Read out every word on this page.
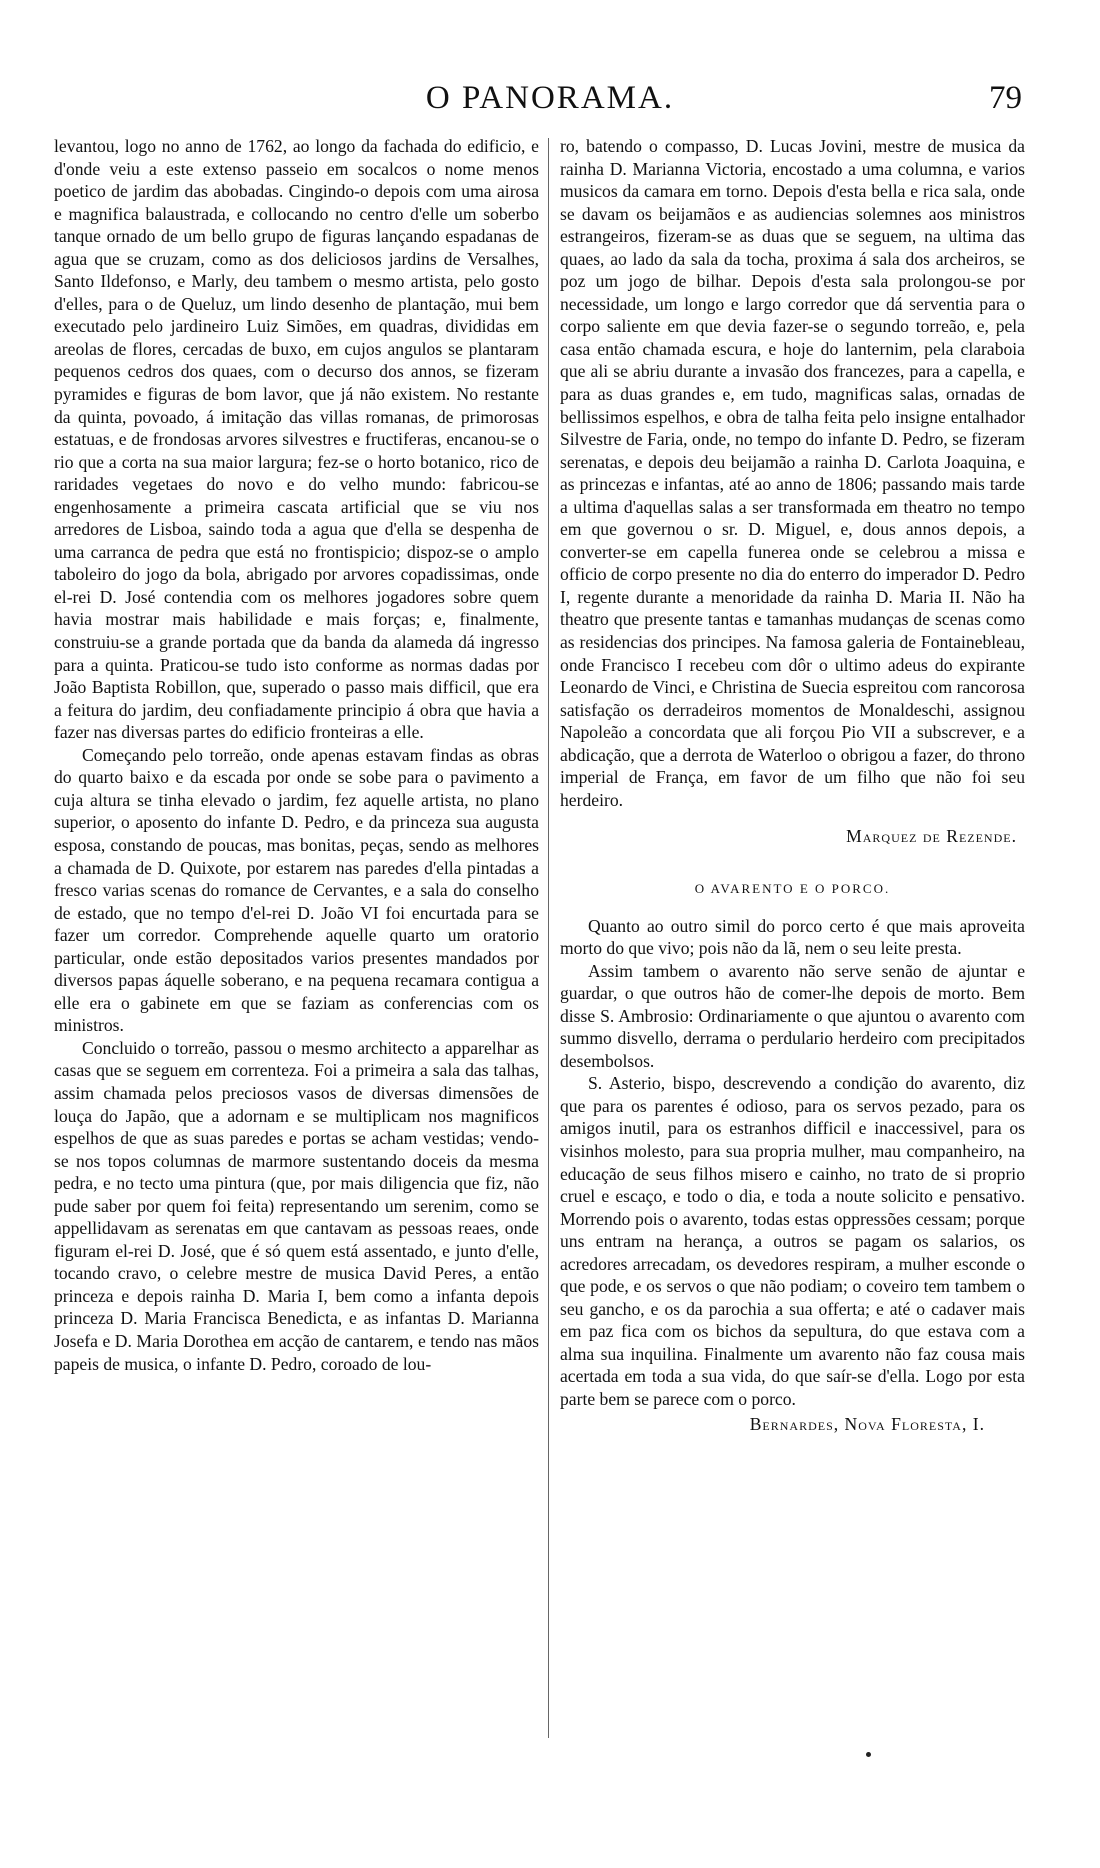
O PANORAMA.	79

levantou, logo no anno de 1762, ao longo da fachada do edificio, e d'onde veiu a este extenso passeio em socalcos o nome menos poetico de jardim das abobadas. Cingindo-o depois com uma airosa e magnifica balaustrada, e collocando no centro d'elle um soberbo tanque ornado de um bello grupo de figuras lançando espadanas de agua que se cruzam, como as dos deliciosos jardins de Versalhes, Santo Ildefonso, e Marly, deu tambem o mesmo artista, pelo gosto d'elles, para o de Queluz, um lindo desenho de plantação, mui bem executado pelo jardineiro Luiz Simões, em quadras, divididas em areolas de flores, cercadas de buxo, em cujos angulos se plantaram pequenos cedros dos quaes, com o decurso dos annos, se fizeram pyramides e figuras de bom lavor, que já não existem. No restante da quinta, povoado, á imitação das villas romanas, de primorosas estatuas, e de frondosas arvores silvestres e fructiferas, encanou-se o rio que a corta na sua maior largura; fez-se o horto botanico, rico de raridades vegetaes do novo e do velho mundo: fabricou-se engenhosamente a primeira cascata artificial que se viu nos arredores de Lisboa, saindo toda a agua que d'ella se despenha de uma carranca de pedra que está no frontispicio; dispoz-se o amplo taboleiro do jogo da bola, abrigado por arvores copadissimas, onde el-rei D. José contendia com os melhores jogadores sobre quem havia mostrar mais habilidade e mais forças; e, finalmente, construiu-se a grande portada que da banda da alameda dá ingresso para a quinta. Praticou-se tudo isto conforme as normas dadas por João Baptista Robillon, que, superado o passo mais difficil, que era a feitura do jardim, deu confiadamente principio á obra que havia a fazer nas diversas partes do edificio fronteiras a elle.

Começando pelo torreão, onde apenas estavam findas as obras do quarto baixo e da escada por onde se sobe para o pavimento a cuja altura se tinha elevado o jardim, fez aquelle artista, no plano superior, o aposento do infante D. Pedro, e da princeza sua augusta esposa, constando de poucas, mas bonitas, peças, sendo as melhores a chamada de D. Quixote, por estarem nas paredes d'ella pintadas a fresco varias scenas do romance de Cervantes, e a sala do conselho de estado, que no tempo d'el-rei D. João VI foi encurtada para se fazer um corredor. Comprehende aquelle quarto um oratorio particular, onde estão depositados varios presentes mandados por diversos papas áquelle soberano, e na pequena recamara contigua a elle era o gabinete em que se faziam as conferencias com os ministros.

Concluido o torreão, passou o mesmo architecto a apparelhar as casas que se seguem em correnteza. Foi a primeira a sala das talhas, assim chamada pelos preciosos vasos de diversas dimensões de louça do Japão, que a adornam e se multiplicam nos magnificos espelhos de que as suas paredes e portas se acham vestidas; vendo-se nos topos columnas de marmore sustentando doceis da mesma pedra, e no tecto uma pintura (que, por mais diligencia que fiz, não pude saber por quem foi feita) representando um serenim, como se appellidavam as serenatas em que cantavam as pessoas reaes, onde figuram el-rei D. José, que é só quem está assentado, e junto d'elle, tocando cravo, o celebre mestre de musica David Peres, a então princeza e depois rainha D. Maria I, bem como a infanta depois princeza D. Maria Francisca Benedicta, e as infantas D. Marianna Josefa e D. Maria Dorothea em acção de cantarem, e tendo nas mãos papeis de musica, o infante D. Pedro, coroado de lou-

ro, batendo o compasso, D. Lucas Jovini, mestre de musica da rainha D. Marianna Victoria, encostado a uma columna, e varios musicos da camara em torno. Depois d'esta bella e rica sala, onde se davam os beijamãos e as audiencias solemnes aos ministros estrangeiros, fizeram-se as duas que se seguem, na ultima das quaes, ao lado da sala da tocha, proxima á sala dos archeiros, se poz um jogo de bilhar. Depois d'esta sala prolongou-se por necessidade, um longo e largo corredor que dá serventia para o corpo saliente em que devia fazer-se o segundo torreão, e, pela casa então chamada escura, e hoje do lanternim, pela claraboia que ali se abriu durante a invasão dos francezes, para a capella, e para as duas grandes e, em tudo, magnificas salas, ornadas de bellissimos espelhos, e obra de talha feita pelo insigne entalhador Silvestre de Faria, onde, no tempo do infante D. Pedro, se fizeram serenatas, e depois deu beijamão a rainha D. Carlota Joaquina, e as princezas e infantas, até ao anno de 1806; passando mais tarde a ultima d'aquellas salas a ser transformada em theatro no tempo em que governou o sr. D. Miguel, e, dous annos depois, a converter-se em capella funerea onde se celebrou a missa e officio de corpo presente no dia do enterro do imperador D. Pedro I, regente durante a menoridade da rainha D. Maria II. Não ha theatro que presente tantas e tamanhas mudanças de scenas como as residencias dos principes. Na famosa galeria de Fontainebleau, onde Francisco I recebeu com dôr o ultimo adeus do expirante Leonardo de Vinci, e Christina de Suecia espreitou com rancorosa satisfação os derradeiros momentos de Monaldeschi, assignou Napoleão a concordata que ali forçou Pio VII a subscrever, e a abdicação, que a derrota de Waterloo o obrigou a fazer, do throno imperial de França, em favor de um filho que não foi seu herdeiro.

Marquez de Rezende.
O AVARENTO E O PORCO.

Quanto ao outro simil do porco certo é que mais aproveita morto do que vivo; pois não da lã, nem o seu leite presta.

Assim tambem o avarento não serve senão de ajuntar e guardar, o que outros hão de comer-lhe depois de morto. Bem disse S. Ambrosio: Ordinariamente o que ajuntou o avarento com summo disvello, derrama o perdulario herdeiro com precipitados desembolsos.

S. Asterio, bispo, descrevendo a condição do avarento, diz que para os parentes é odioso, para os servos pezado, para os amigos inutil, para os estranhos difficil e inaccessivel, para os visinhos molesto, para sua propria mulher, mau companheiro, na educação de seus filhos misero e cainho, no trato de si proprio cruel e escaço, e todo o dia, e toda a noute solicito e pensativo. Morrendo pois o avarento, todas estas oppressões cessam; porque uns entram na herança, a outros se pagam os salarios, os acredores arrecadam, os devedores respiram, a mulher esconde o que pode, e os servos o que não podiam; o coveiro tem tambem o seu gancho, e os da parochia a sua offerta; e até o cadaver mais em paz fica com os bichos da sepultura, do que estava com a alma sua inquilina. Finalmente um avarento não faz cousa mais acertada em toda a sua vida, do que saír-se d'ella. Logo por esta parte bem se parece com o porco.

Bernardes, Nova Floresta, I.
